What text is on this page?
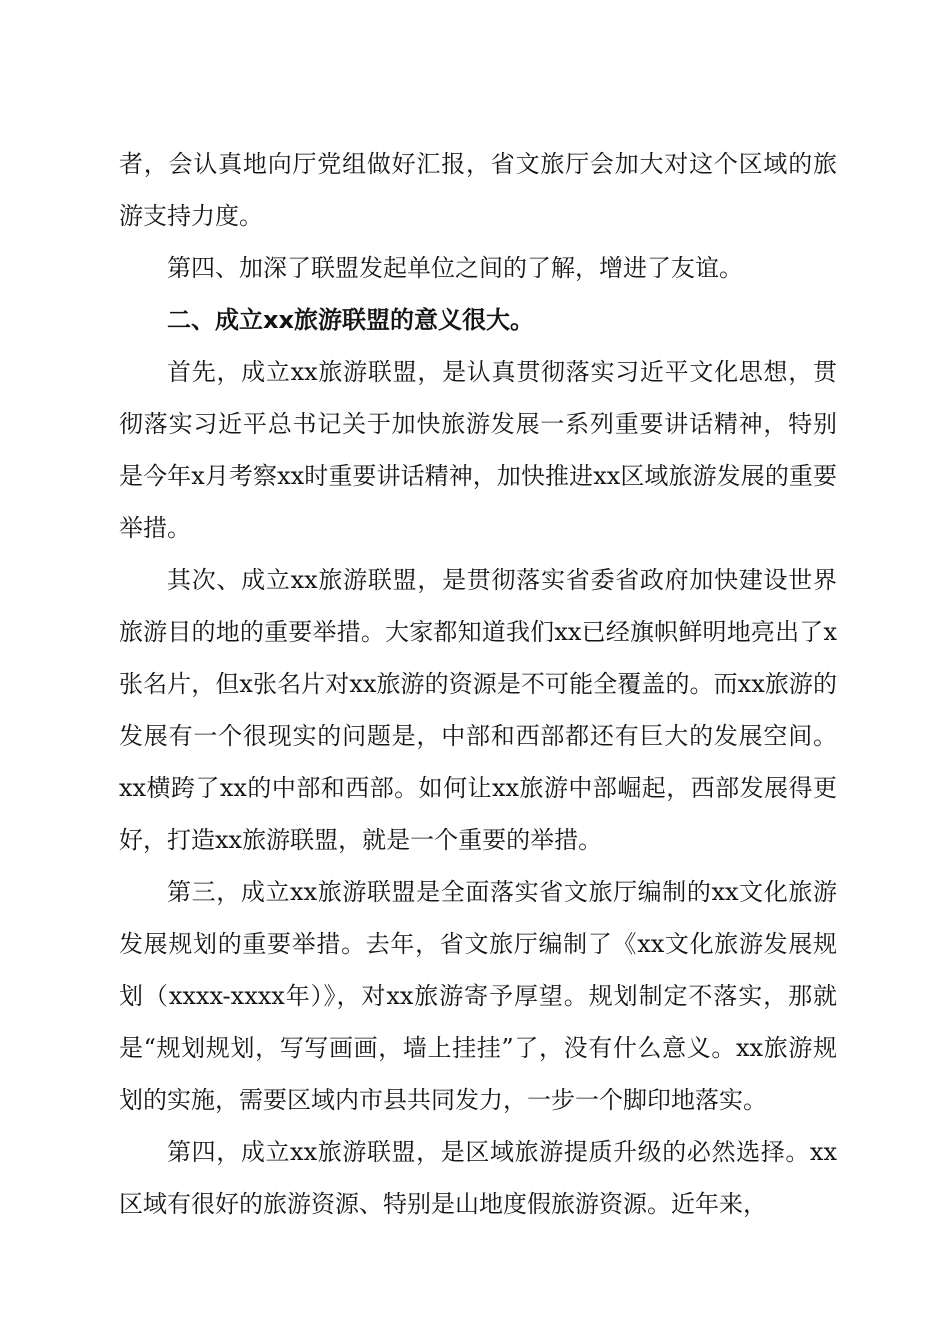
者，会认真地向厅党组做好汇报，省文旅厅会加大对这个区域的旅游支持力度。

第四、加深了联盟发起单位之间的了解，增进了友谊。

二、成立xx旅游联盟的意义很大。

首先，成立xx旅游联盟，是认真贯彻落实习近平文化思想，贯彻落实习近平总书记关于加快旅游发展一系列重要讲话精神，特别是今年x月考察xx时重要讲话精神，加快推进xx区域旅游发展的重要举措。

其次、成立xx旅游联盟，是贯彻落实省委省政府加快建设世界旅游目的地的重要举措。大家都知道我们xx已经旗帜鲜明地亮出了x张名片，但x张名片对xx旅游的资源是不可能全覆盖的。而xx旅游的发展有一个很现实的问题是，中部和西部都还有巨大的发展空间。xx横跨了xx的中部和西部。如何让xx旅游中部崛起，西部发展得更好，打造xx旅游联盟，就是一个重要的举措。

第三，成立xx旅游联盟是全面落实省文旅厅编制的xx文化旅游发展规划的重要举措。去年，省文旅厅编制了《xx文化旅游发展规划（xxxx-xxxx年）》，对xx旅游寄予厚望。规划制定不落实，那就是“规划规划，写写画画，墙上挂挂”了，没有什么意义。xx旅游规划的实施，需要区域内市县共同发力，一步一个脚印地落实。

第四，成立xx旅游联盟，是区域旅游提质升级的必然选择。xx区域有很好的旅游资源、特别是山地度假旅游资源。近年来，
